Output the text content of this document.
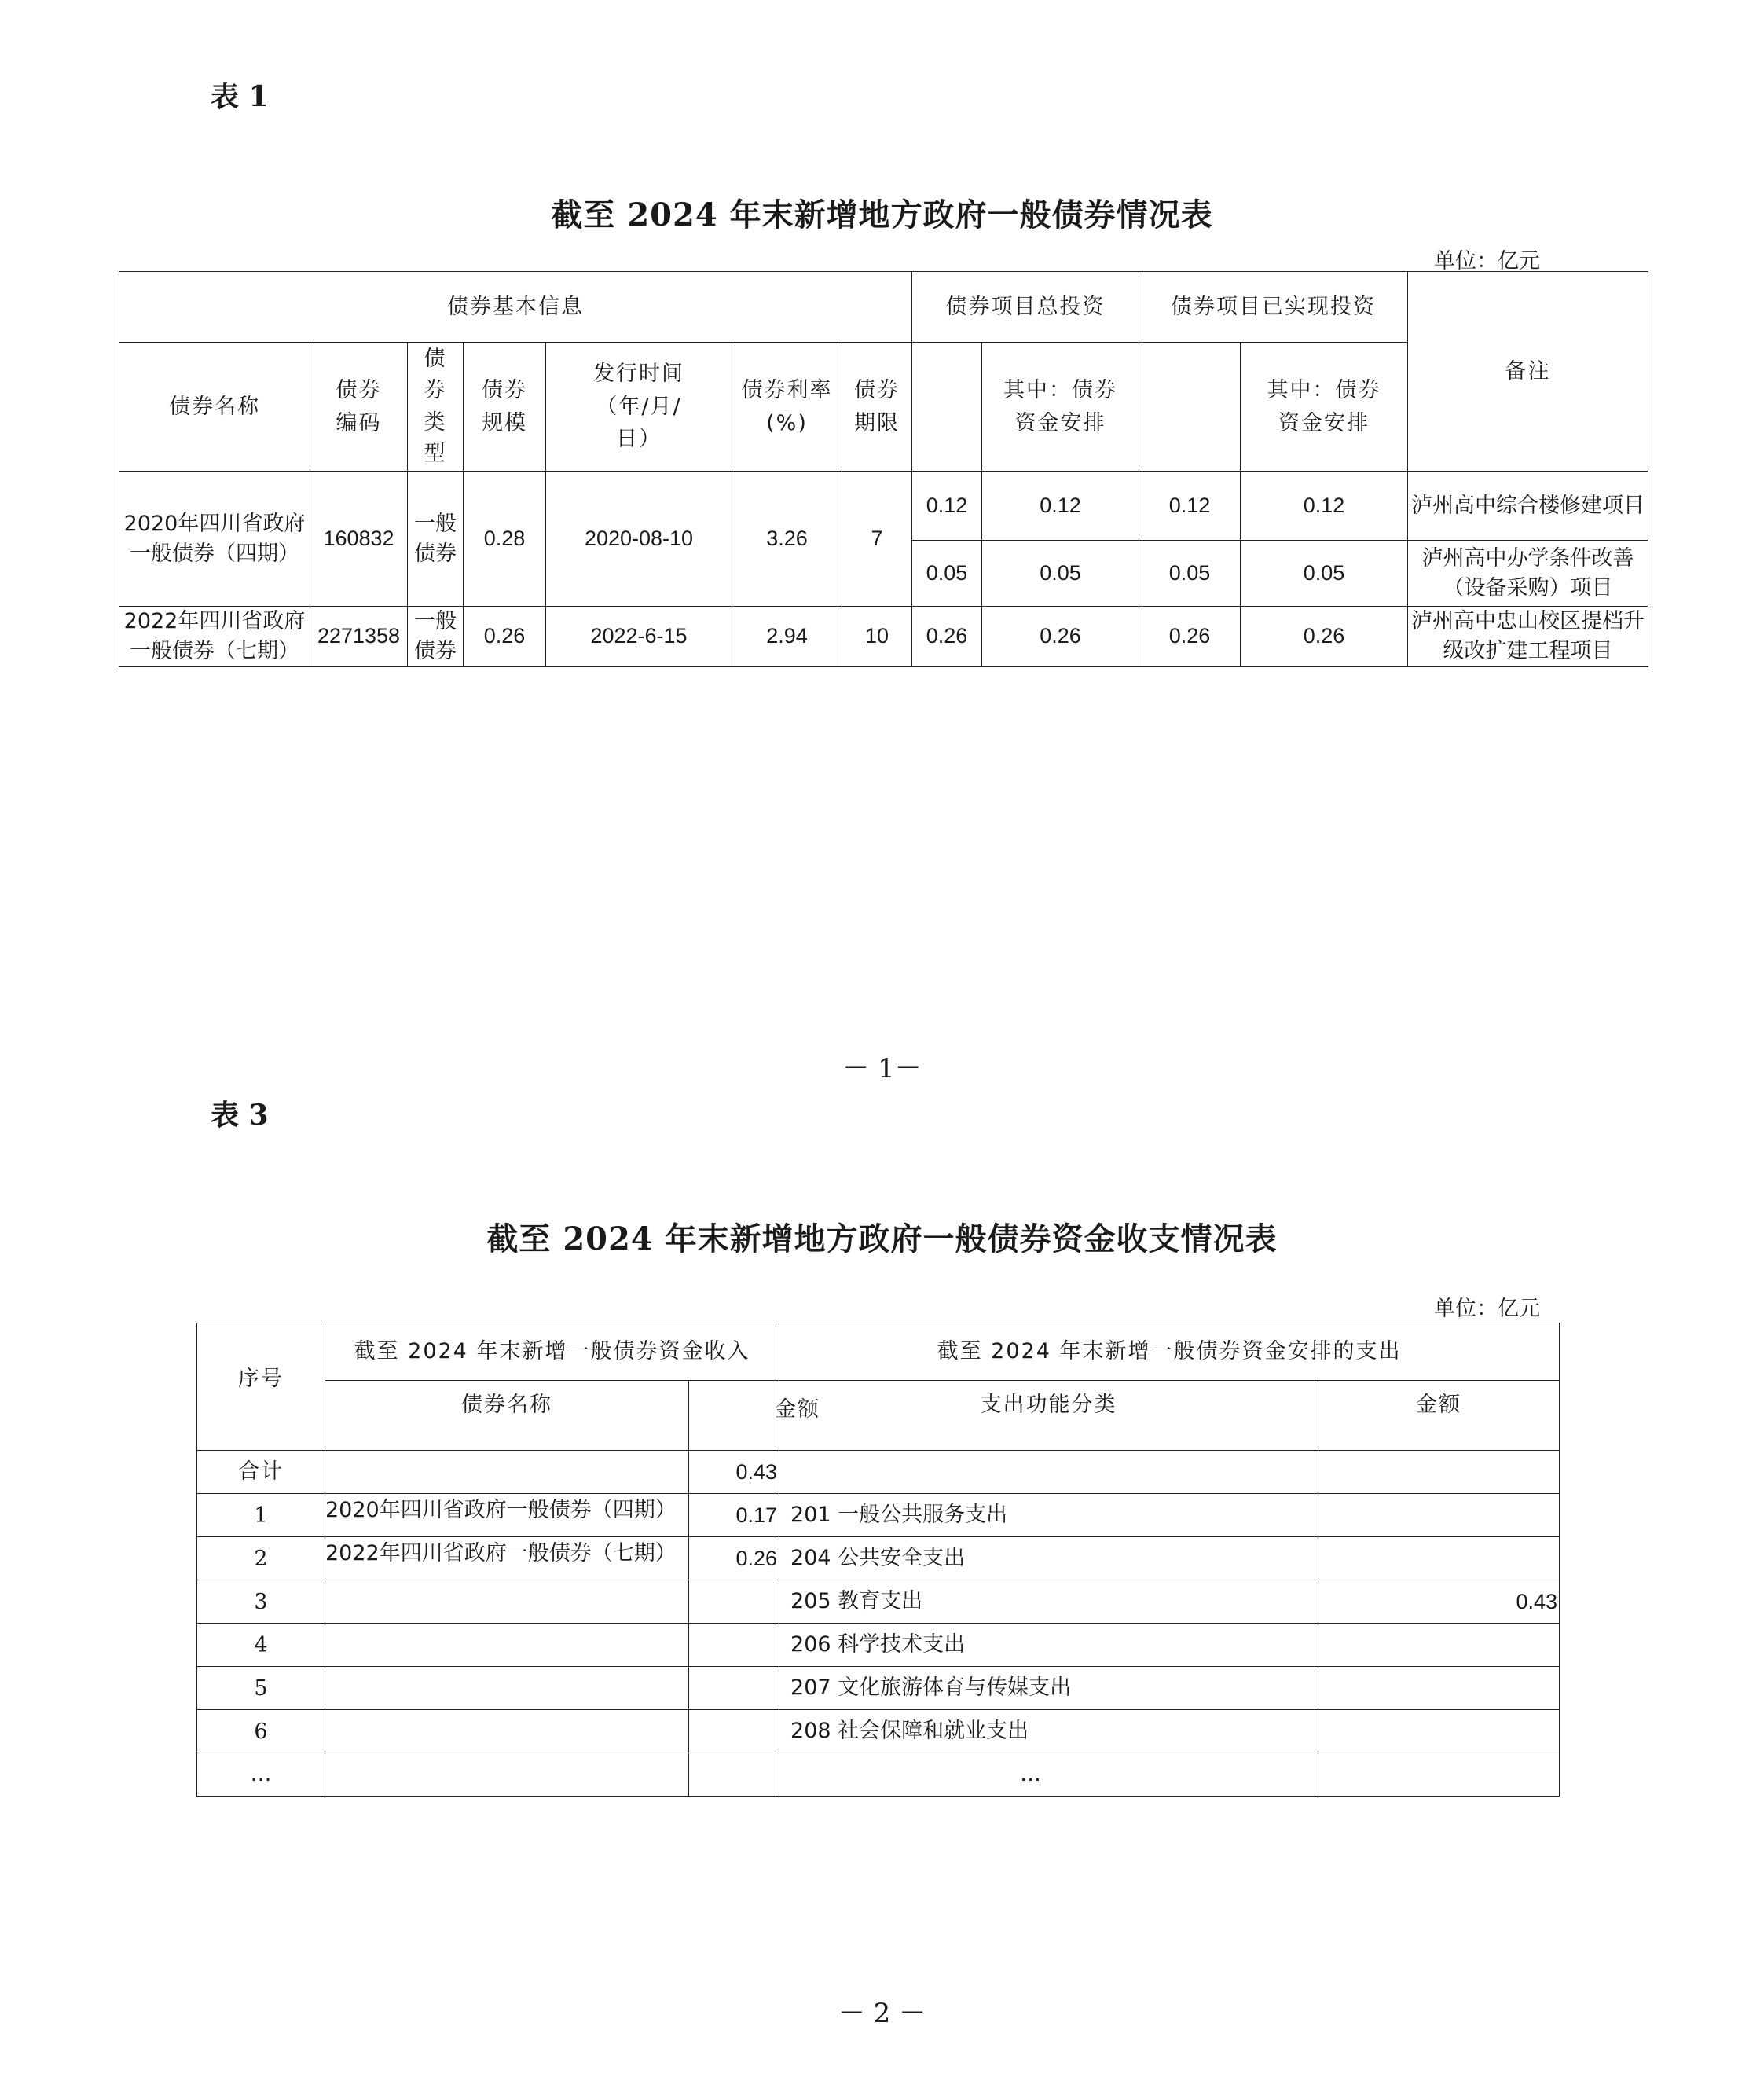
表 1
截至 2024 年末新增地方政府一般债券情况表
单位：亿元
债券基本信息							债券项目总投资		债券项目已实现投资		备注

债券名称	债券编码	债券类型	债券规模	发行时间（年/月/日）	债券利率(%)	债券期限		其中：债券资金安排		其中：债券资金安排	

2020年四川省政府一般债券（四期）	160832	一般债券	0.28	2020-08-10	3.26	7	0.12	0.12	0.12	0.12	泸州高中综合楼修建项目
							0.05	0.05	0.05	0.05	泸州高中办学条件改善（设备采购）项目
2022年四川省政府一般债券（七期）	2271358	一般债券	0.26	2022-6-15	2.94	10	0.26	0.26	0.26	0.26	泸州高中忠山校区提档升级改扩建工程项目
－ 1－
表 3
截至 2024 年末新增地方政府一般债券资金收支情况表
单位：亿元
序号	截至 2024 年末新增一般债券资金收入		截至 2024 年末新增一般债券资金安排的支出	
	债券名称	金额	支出功能分类	金额
合计		0.43		
1	2020年四川省政府一般债券（四期）	0.17	201 一般公共服务支出	
2	2022年四川省政府一般债券（七期）	0.26	204 公共安全支出	
3			205 教育支出	0.43
4			206 科学技术支出	
5			207 文化旅游体育与传媒支出	
6			208 社会保障和就业支出	
…			…	
－ 2 －
